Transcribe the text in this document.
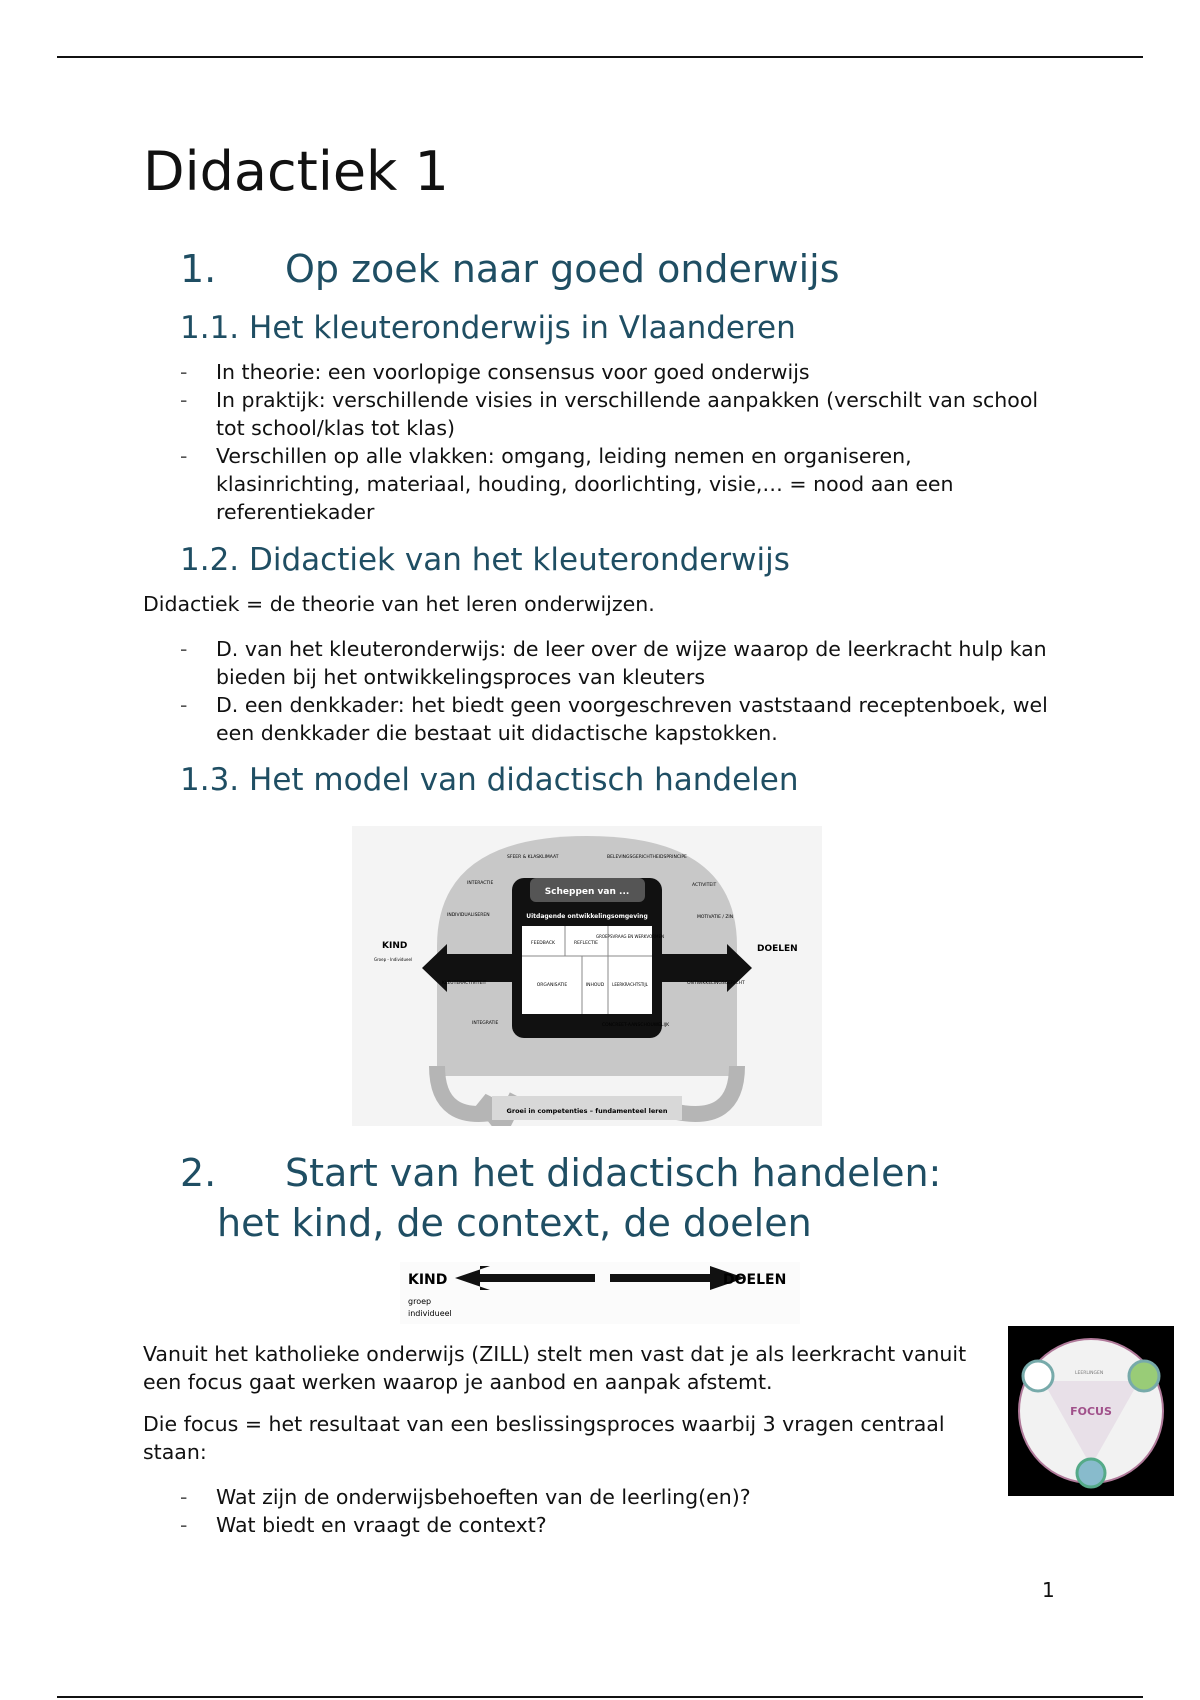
Didactiek 1
1. Op zoek naar goed onderwijs
1.1. Het kleuteronderwijs in Vlaanderen
- In theorie: een voorlopige consensus voor goed onderwijs
- In praktijk: verschillende visies in verschillende aanpakken (verschilt van school tot school/klas tot klas)
- Verschillen op alle vlakken: omgang, leiding nemen en organiseren, klasinrichting, materiaal, houding, doorlichting, visie,… = nood aan een referentiekader
1.2. Didactiek van het kleuteronderwijs

Didactiek = de theorie van het leren onderwijzen.

- D. van het kleuteronderwijs: de leer over de wijze waarop de leerkracht hulp kan bieden bij het ontwikkelingsproces van kleuters
- D. een denkkader: het biedt geen voorgeschreven vaststaand receptenboek, wel een denkkader die bestaat uit didactische kapstokken.
1.3. Het model van didactisch handelen
KIND
Groep - Individueel
DOELEN
Scheppen van ...
Uitdagende ontwikkelingsomgeving
FEEDBACK	REFLECTIE
GROEPSVRAAG EN WERKVORMEN
ORGANISATIE	INHOUD LEERKRACHTSTIJL
SFEER & KLASKLIMAAT	BELEVINGSGERICHTHEIDSPRINCIPE
INTERACTIE	ACTIVITEIT
INDIVIDUALISEREN	MOTIVATIE / ZIN
KLEUTERACTIVITEIT	ONTWIKKELINGSGERICHT
INTEGRATIE	CONCREET-AANSCHOUWELIJK
Groei in competenties – fundamenteel leren
2. Start van het didactisch handelen:
het kind, de context, de doelen
KIND
groep
individueel
DOELEN

Vanuit het katholieke onderwijs (ZILL) stelt men vast dat je als leerkracht vanuit een focus gaat werken waarop je aanbod en aanpak afstemt.

Die focus = het resultaat van een beslissingsproces waarbij 3 vragen centraal staan:

- Wat zijn de onderwijsbehoeften van de leerling(en)?
- Wat biedt en vraagt de context?
FOCUS
LEERLINGEN
1
